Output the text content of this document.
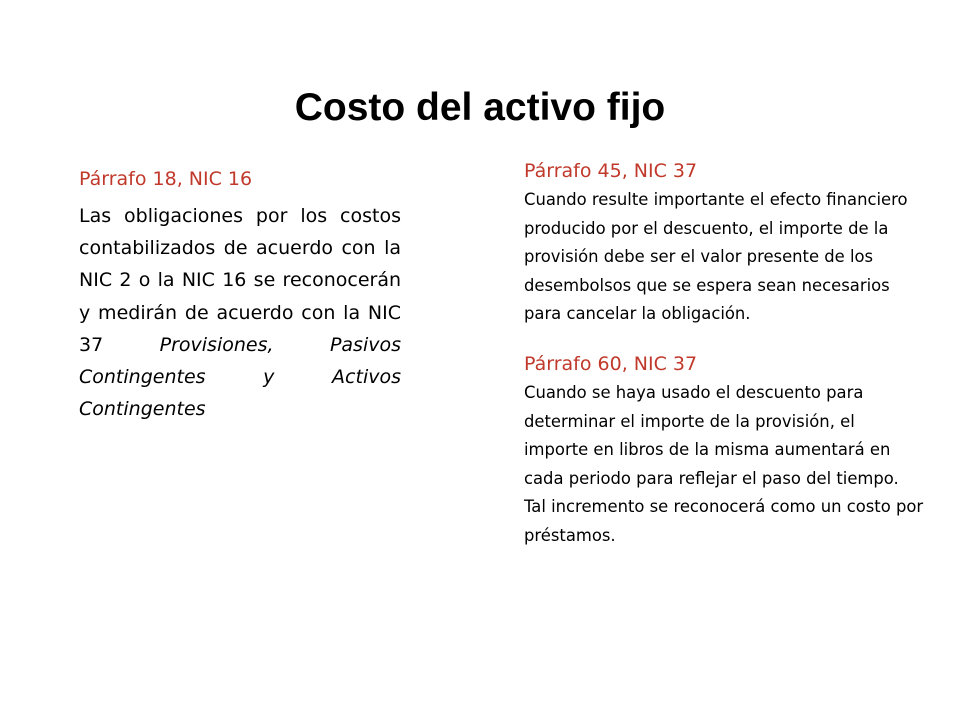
Costo del activo fijo

Párrafo 18, NIC 16

Las obligaciones por los costos contabilizados de acuerdo con la NIC 2 o la NIC 16 se reconocerán y medirán de acuerdo con la NIC 37 Provisiones, Pasivos Contingentes y Activos Contingentes

Párrafo 45, NIC 37

Cuando resulte importante el efecto financiero producido por el descuento, el importe de la provisión debe ser el valor presente de los desembolsos que se espera sean necesarios para cancelar la obligación.

Párrafo 60, NIC 37

Cuando se haya usado el descuento para determinar el importe de la provisión, el importe en libros de la misma aumentará en cada periodo para reflejar el paso del tiempo. Tal incremento se reconocerá como un costo por préstamos.
